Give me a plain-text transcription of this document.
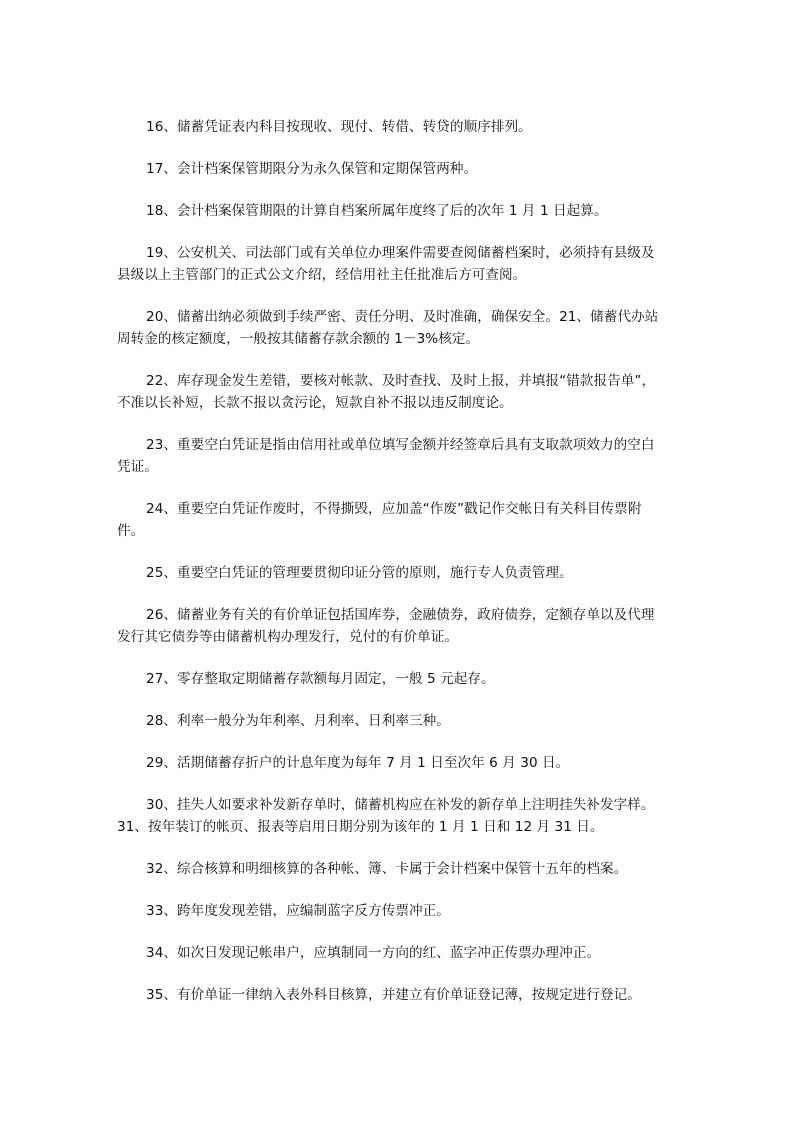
16、储蓄凭证表内科目按现收、现付、转借、转贷的顺序排列。

17、会计档案保管期限分为永久保管和定期保管两种。

18、会计档案保管期限的计算自档案所属年度终了后的次年 1 月 1 日起算。

19、公安机关、司法部门或有关单位办理案件需要查阅储蓄档案时，必须持有县级及县级以上主管部门的正式公文介绍，经信用社主任批准后方可查阅。

20、储蓄出纳必须做到手续严密、责任分明、及时准确，确保安全。21、储蓄代办站周转金的核定额度，一般按其储蓄存款余额的 1－3%核定。

22、库存现金发生差错，要核对帐款、及时查找、及时上报，并填报“错款报告单”，不准以长补短，长款不报以贪污论，短款自补不报以违反制度论。

23、重要空白凭证是指由信用社或单位填写金额并经签章后具有支取款项效力的空白凭证。

24、重要空白凭证作废时，不得撕毁，应加盖“作废”戳记作交帐日有关科目传票附件。

25、重要空白凭证的管理要贯彻印证分管的原则，施行专人负责管理。

26、储蓄业务有关的有价单证包括国库券，金融债券，政府债券，定额存单以及代理发行其它债券等由储蓄机构办理发行，兑付的有价单证。

27、零存整取定期储蓄存款额每月固定，一般 5 元起存。

28、利率一般分为年利率、月利率、日利率三种。

29、活期储蓄存折户的计息年度为每年 7 月 1 日至次年 6 月 30 日。

30、挂失人如要求补发新存单时，储蓄机构应在补发的新存单上注明挂失补发字样。

31、按年装订的帐页、报表等启用日期分别为该年的 1 月 1 日和 12 月 31 日。

32、综合核算和明细核算的各种帐、簿、卡属于会计档案中保管十五年的档案。

33、跨年度发现差错，应编制蓝字反方传票冲正。

34、如次日发现记帐串户，应填制同一方向的红、蓝字冲正传票办理冲正。

35、有价单证一律纳入表外科目核算，并建立有价单证登记薄，按规定进行登记。
